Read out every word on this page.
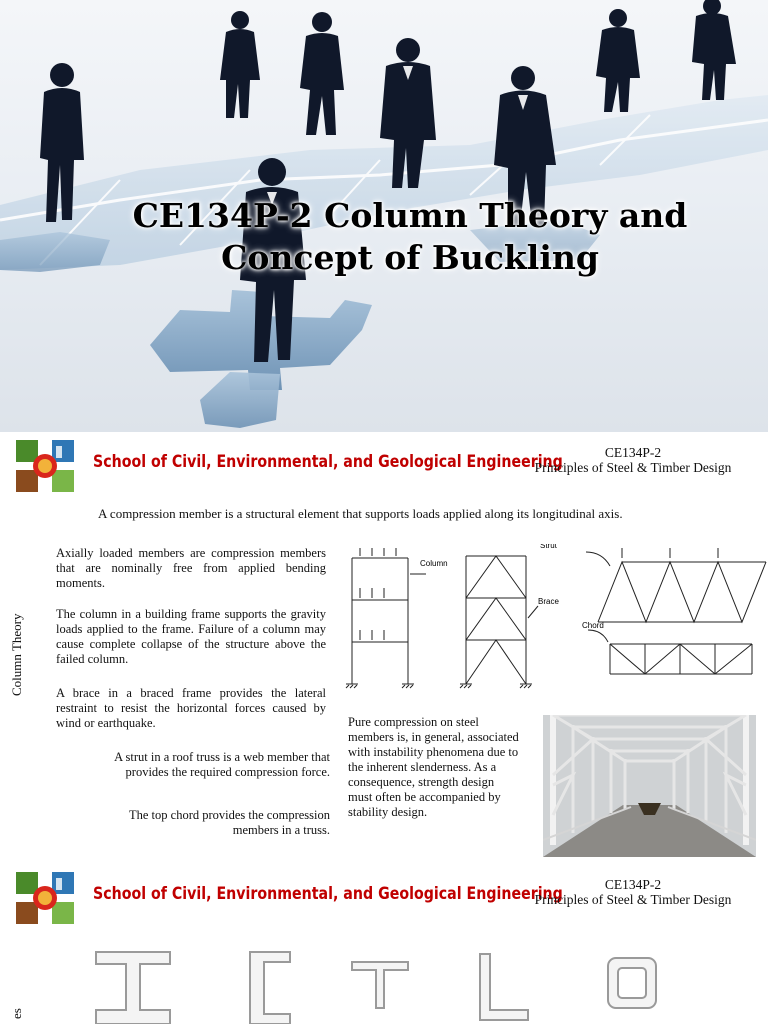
CE134P-2 Column Theory and
Concept of Buckling
School of Civil, Environmental, and Geological Engineering	CE134P-2
Principles of Steel & Timber Design
A compression member is a structural element that supports loads applied along its longitudinal axis.
Column Theory
Axially loaded members are compression members that are nominally free from applied bending moments.
The column in a building frame supports the gravity loads applied to the frame. Failure of a column may cause complete collapse of the structure above the failed column.
A brace in a braced frame provides the lateral restraint to resist the horizontal forces caused by wind or earthquake.
A strut in a roof truss is a web member that
provides the required compression force.
The top chord provides the compression
members in a truss.
Pure compression on steel members is, in general, associated with instability phenomena due to the inherent slenderness. As a consequence, strength design must often be accompanied by stability design.
Column
Brace
Strut
Chord
School of Civil, Environmental, and Geological Engineering	CE134P-2
Principles of Steel & Timber Design
es
